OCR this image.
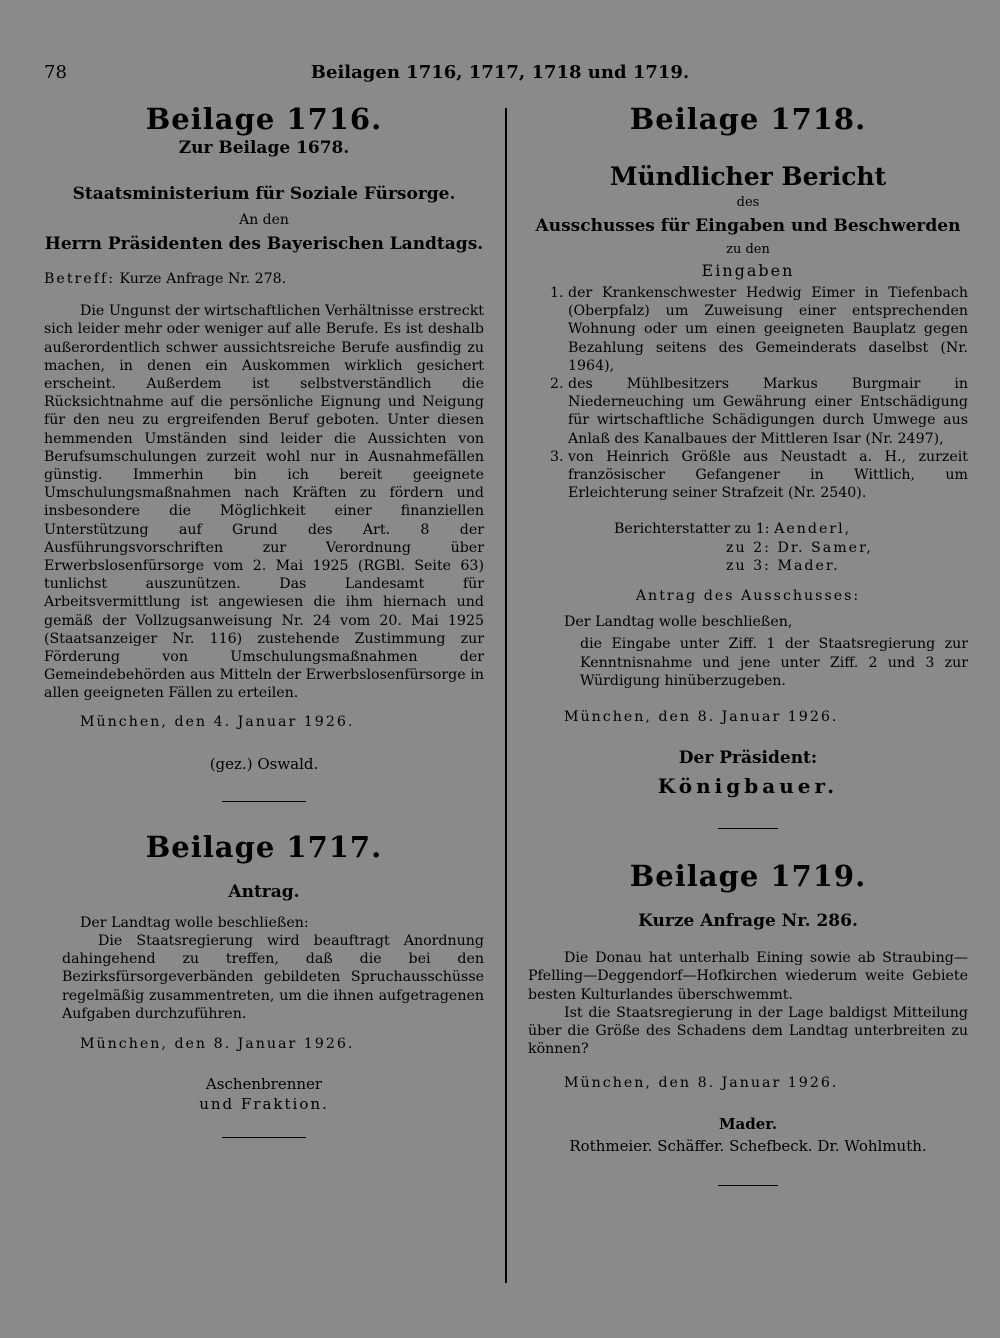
78	Beilagen 1716, 1717, 1718 und 1719.
Beilage 1716.
Zur Beilage 1678.
Staatsministerium für Soziale Fürsorge.
An den
Herrn Präsidenten des Bayerischen Landtags.
Betreff: Kurze Anfrage Nr. 278.
Die Ungunst der wirtschaftlichen Verhältnisse erstreckt sich leider mehr oder weniger auf alle Berufe. Es ist deshalb außerordentlich schwer aussichtsreiche Berufe ausfindig zu machen, in denen ein Auskommen wirklich gesichert erscheint. Außerdem ist selbstverständlich die Rücksichtnahme auf die persönliche Eignung und Neigung für den neu zu ergreifenden Beruf geboten. Unter diesen hemmenden Umständen sind leider die Aussichten von Berufsumschulungen zurzeit wohl nur in Ausnahmefällen günstig. Immerhin bin ich bereit geeignete Umschulungsmaßnahmen nach Kräften zu fördern und insbesondere die Möglichkeit einer finanziellen Unterstützung auf Grund des Art. 8 der Ausführungsvorschriften zur Verordnung über Erwerbslosenfürsorge vom 2. Mai 1925 (RGBl. Seite 63) tunlichst auszunützen. Das Landesamt für Arbeitsvermittlung ist angewiesen die ihm hiernach und gemäß der Vollzugsanweisung Nr. 24 vom 20. Mai 1925 (Staatsanzeiger Nr. 116) zustehende Zustimmung zur Förderung von Umschulungsmaßnahmen der Gemeindebehörden aus Mitteln der Erwerbslosenfürsorge in allen geeigneten Fällen zu erteilen.
München, den 4. Januar 1926.
(gez.) Oswald.
Beilage 1717.
Antrag.
Der Landtag wolle beschließen:
Die Staatsregierung wird beauftragt Anordnung dahingehend zu treffen, daß die bei den Bezirksfürsorgeverbänden gebildeten Spruchausschüsse regelmäßig zusammentreten, um die ihnen aufgetragenen Aufgaben durchzuführen.
München, den 8. Januar 1926.
Aschenbrenner
und Fraktion.
Beilage 1718.
Mündlicher Bericht
des
Ausschusses für Eingaben und Beschwerden
zu den
Eingaben
1. der Krankenschwester Hedwig Eimer in Tiefenbach (Oberpfalz) um Zuweisung einer entsprechenden Wohnung oder um einen geeigneten Bauplatz gegen Bezahlung seitens des Gemeinderats daselbst (Nr. 1964),
2. des Mühlbesitzers Markus Burgmair in Niederneuching um Gewährung einer Entschädigung für wirtschaftliche Schädigungen durch Umwege aus Anlaß des Kanalbaues der Mittleren Isar (Nr. 2497),
3. von Heinrich Größle aus Neustadt a. H., zurzeit französischer Gefangener in Wittlich, um Erleichterung seiner Strafzeit (Nr. 2540).
Berichterstatter zu 1: Aenderl,
zu 2: Dr. Samer,
zu 3: Mader.
Antrag des Ausschusses:
Der Landtag wolle beschließen,
die Eingabe unter Ziff. 1 der Staatsregierung zur Kenntnisnahme und jene unter Ziff. 2 und 3 zur Würdigung hinüberzugeben.
München, den 8. Januar 1926.
Der Präsident:
Königbauer.
Beilage 1719.
Kurze Anfrage Nr. 286.
Die Donau hat unterhalb Eining sowie ab Straubing—Pfelling—Deggendorf—Hofkirchen wiederum weite Gebiete besten Kulturlandes überschwemmt.
Ist die Staatsregierung in der Lage baldigst Mitteilung über die Größe des Schadens dem Landtag unterbreiten zu können?
München, den 8. Januar 1926.
Mader.
Rothmeier. Schäffer. Schefbeck. Dr. Wohlmuth.
